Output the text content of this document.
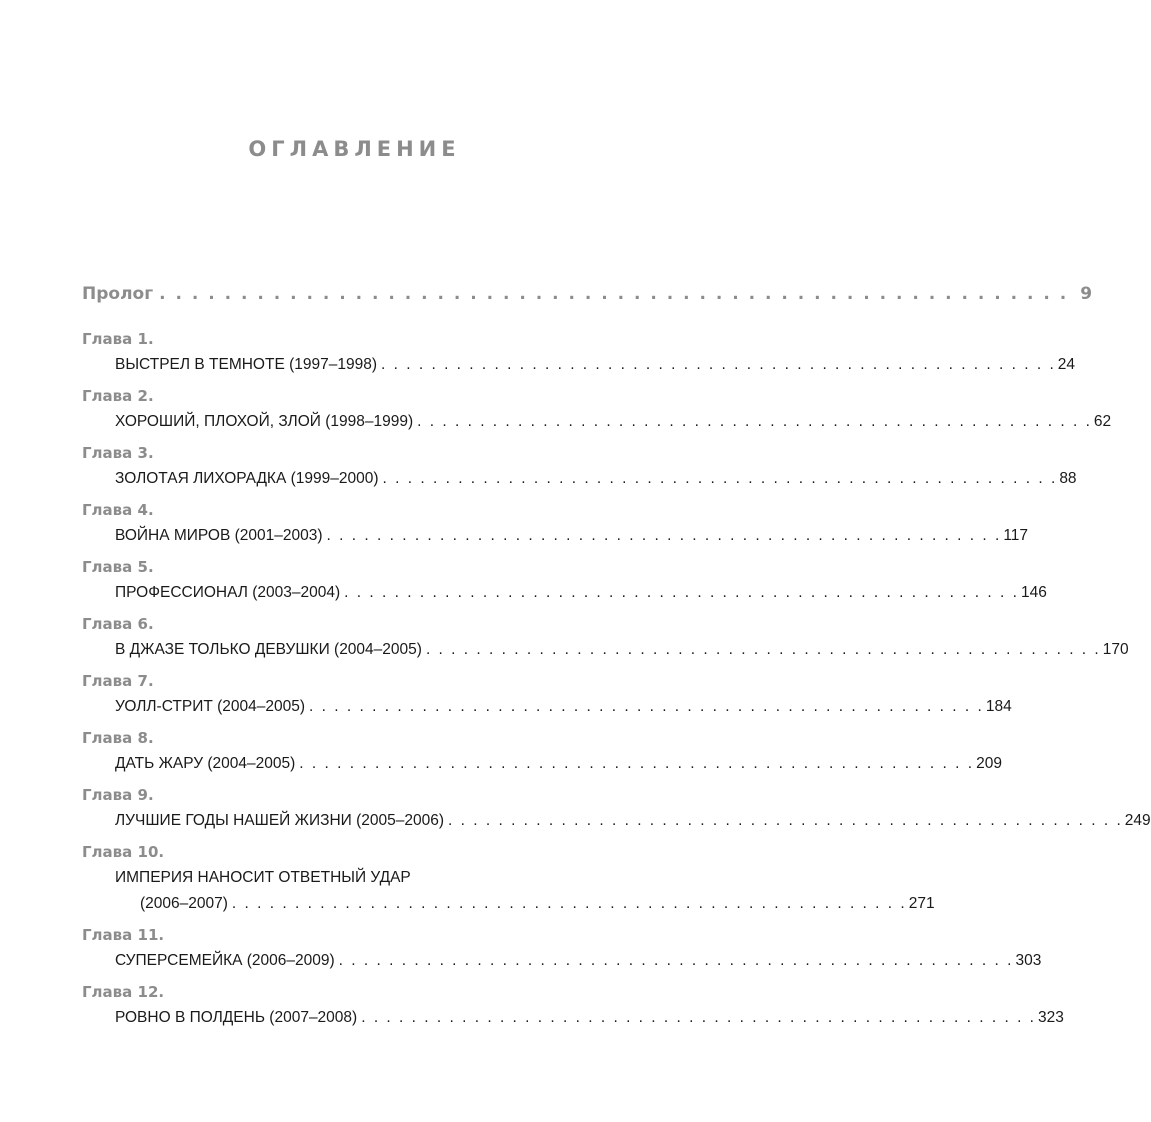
ОГЛАВЛЕНИЕ
Пролог . . . . . . . . . . . . . . . . . . . . . . . . . . . . . . . . . . . . . . . . . . . . . . . . . . . . . . . . 9
Глава 1.
ВЫСТРЕЛ В ТЕМНОТЕ (1997–1998) . . . . . . . . . . . . . . . . . . . . . . . . . . . . . . . . . . . . . . . . . . . . . . . . . . . . . . 24
Глава 2.
ХОРОШИЙ, ПЛОХОЙ, ЗЛОЙ (1998–1999) . . . . . . . . . . . . . . . . . . . . . . . . . . . . . . . . . . . . . . . . . . . . . . . . . . . . . . 62
Глава 3.
ЗОЛОТАЯ ЛИХОРАДКА (1999–2000) . . . . . . . . . . . . . . . . . . . . . . . . . . . . . . . . . . . . . . . . . . . . . . . . . . . . . . 88
Глава 4.
ВОЙНА МИРОВ (2001–2003) . . . . . . . . . . . . . . . . . . . . . . . . . . . . . . . . . . . . . . . . . . . . . . . . . . . . . . 117
Глава 5.
ПРОФЕССИОНАЛ (2003–2004) . . . . . . . . . . . . . . . . . . . . . . . . . . . . . . . . . . . . . . . . . . . . . . . . . . . . . . 146
Глава 6.
В ДЖАЗЕ ТОЛЬКО ДЕВУШКИ (2004–2005) . . . . . . . . . . . . . . . . . . . . . . . . . . . . . . . . . . . . . . . . . . . . . . . . . . . . . . 170
Глава 7.
УОЛЛ-СТРИТ (2004–2005) . . . . . . . . . . . . . . . . . . . . . . . . . . . . . . . . . . . . . . . . . . . . . . . . . . . . . . 184
Глава 8.
ДАТЬ ЖАРУ (2004–2005) . . . . . . . . . . . . . . . . . . . . . . . . . . . . . . . . . . . . . . . . . . . . . . . . . . . . . . 209
Глава 9.
ЛУЧШИЕ ГОДЫ НАШЕЙ ЖИЗНИ (2005–2006) . . . . . . . . . . . . . . . . . . . . . . . . . . . . . . . . . . . . . . . . . . . . . . . . . . . . . . 249
Глава 10.
ИМПЕРИЯ НАНОСИТ ОТВЕТНЫЙ УДАР
(2006–2007) . . . . . . . . . . . . . . . . . . . . . . . . . . . . . . . . . . . . . . . . . . . . . . . . . . . . . . 271
Глава 11.
СУПЕРСЕМЕЙКА (2006–2009) . . . . . . . . . . . . . . . . . . . . . . . . . . . . . . . . . . . . . . . . . . . . . . . . . . . . . . 303
Глава 12.
РОВНО В ПОЛДЕНЬ (2007–2008) . . . . . . . . . . . . . . . . . . . . . . . . . . . . . . . . . . . . . . . . . . . . . . . . . . . . . . 323
